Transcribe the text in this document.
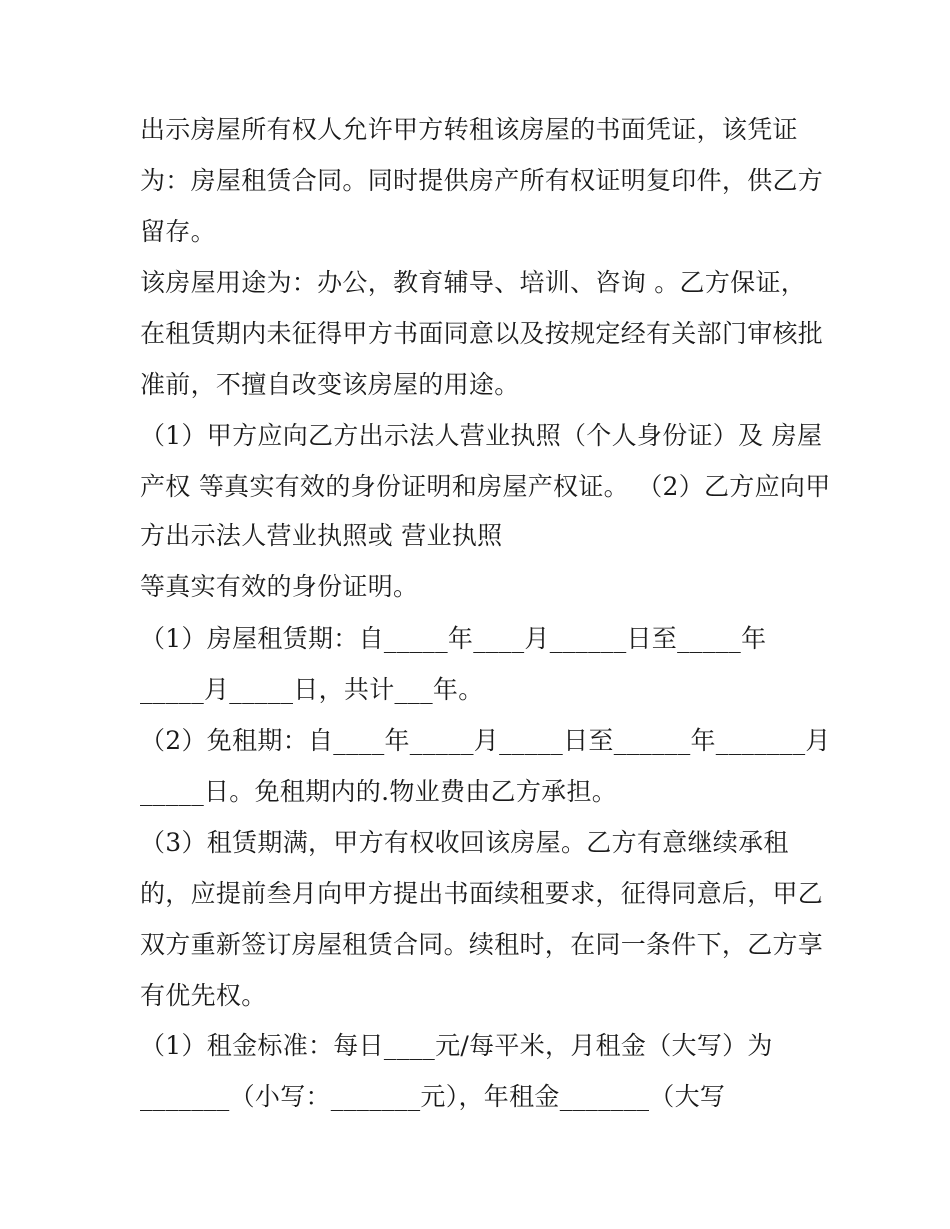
出示房屋所有权人允许甲方转租该房屋的书面凭证，该凭证

为：房屋租赁合同。同时提供房产所有权证明复印件，供乙方

留存。

该房屋用途为：办公，教育辅导、培训、咨询 。乙方保证，

在租赁期内未征得甲方书面同意以及按规定经有关部门审核批

准前，不擅自改变该房屋的用途。

（1）甲方应向乙方出示法人营业执照（个人身份证）及 房屋

产权 等真实有效的身份证明和房屋产权证。 （2）乙方应向甲

方出示法人营业执照或 营业执照

等真实有效的身份证明。

（1）房屋租赁期：自_____年____月______日至_____年

_____月_____日，共计___年。

（2）免租期：自____年_____月_____日至______年_______月

_____日。免租期内的.物业费由乙方承担。

（3）租赁期满，甲方有权收回该房屋。乙方有意继续承租

的，应提前叁月向甲方提出书面续租要求，征得同意后，甲乙

双方重新签订房屋租赁合同。续租时，在同一条件下，乙方享

有优先权。

（1）租金标准：每日____元/每平米，月租金（大写）为

_______（小写：_______元），年租金_______（大写
